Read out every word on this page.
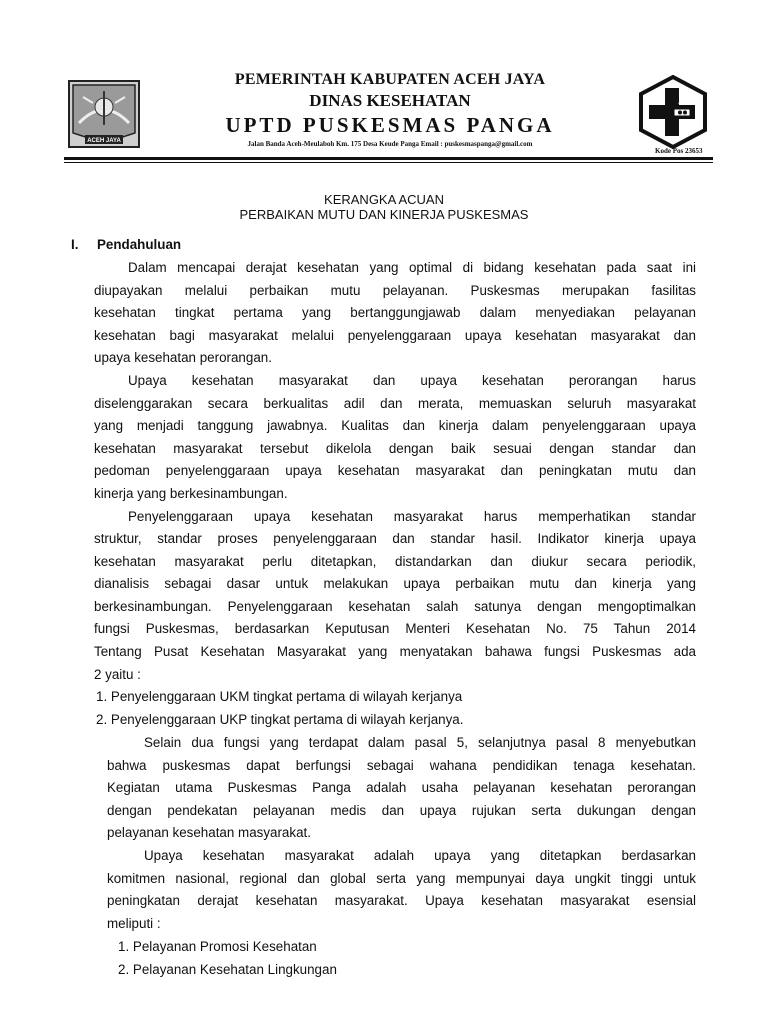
ACEH JAYA
PEMERINTAH KABUPATEN ACEH JAYA
DINAS KESEHATAN
UPTD PUSKESMAS PANGA
Jalan Banda Aceh-Meulaboh Km. 175 Desa Keude Panga Email : puskesmaspanga@gmail.com
Kode Pos 23653
KERANGKA ACUAN
PERBAIKAN MUTU DAN KINERJA PUSKESMAS
I. Pendahuluan
Dalam mencapai derajat kesehatan yang optimal di bidang kesehatan pada saat ini
diupayakan melalui perbaikan mutu pelayanan. Puskesmas merupakan fasilitas
kesehatan tingkat pertama yang bertanggungjawab dalam menyediakan pelayanan
kesehatan bagi masyarakat melalui penyelenggaraan upaya kesehatan masyarakat dan
upaya kesehatan perorangan.
Upaya kesehatan masyarakat dan upaya kesehatan perorangan harus
diselenggarakan secara berkualitas adil dan merata, memuaskan seluruh masyarakat
yang menjadi tanggung jawabnya. Kualitas dan kinerja dalam penyelenggaraan upaya
kesehatan masyarakat tersebut dikelola dengan baik sesuai dengan standar dan
pedoman penyelenggaraan upaya kesehatan masyarakat dan peningkatan mutu dan
kinerja yang berkesinambungan.
Penyelenggaraan upaya kesehatan masyarakat harus memperhatikan standar
struktur, standar proses penyelenggaraan dan standar hasil. Indikator kinerja upaya
kesehatan masyarakat perlu ditetapkan, distandarkan dan diukur secara periodik,
dianalisis sebagai dasar untuk melakukan upaya perbaikan mutu dan kinerja yang
berkesinambungan. Penyelenggaraan kesehatan salah satunya dengan mengoptimalkan
fungsi Puskesmas, berdasarkan Keputusan Menteri Kesehatan No. 75 Tahun 2014
Tentang Pusat Kesehatan Masyarakat yang menyatakan bahawa fungsi Puskesmas ada
2 yaitu :
1. Penyelenggaraan UKM tingkat pertama di wilayah kerjanya
2. Penyelenggaraan UKP tingkat pertama di wilayah kerjanya.
Selain dua fungsi yang terdapat dalam pasal 5, selanjutnya pasal 8 menyebutkan
bahwa puskesmas dapat berfungsi sebagai wahana pendidikan tenaga kesehatan.
Kegiatan utama Puskesmas Panga adalah usaha pelayanan kesehatan perorangan
dengan pendekatan pelayanan medis dan upaya rujukan serta dukungan dengan
pelayanan kesehatan masyarakat.
Upaya kesehatan masyarakat adalah upaya yang ditetapkan berdasarkan
komitmen nasional, regional dan global serta yang mempunyai daya ungkit tinggi untuk
peningkatan derajat kesehatan masyarakat. Upaya kesehatan masyarakat esensial
meliputi :
1. Pelayanan Promosi Kesehatan
2. Pelayanan Kesehatan Lingkungan
